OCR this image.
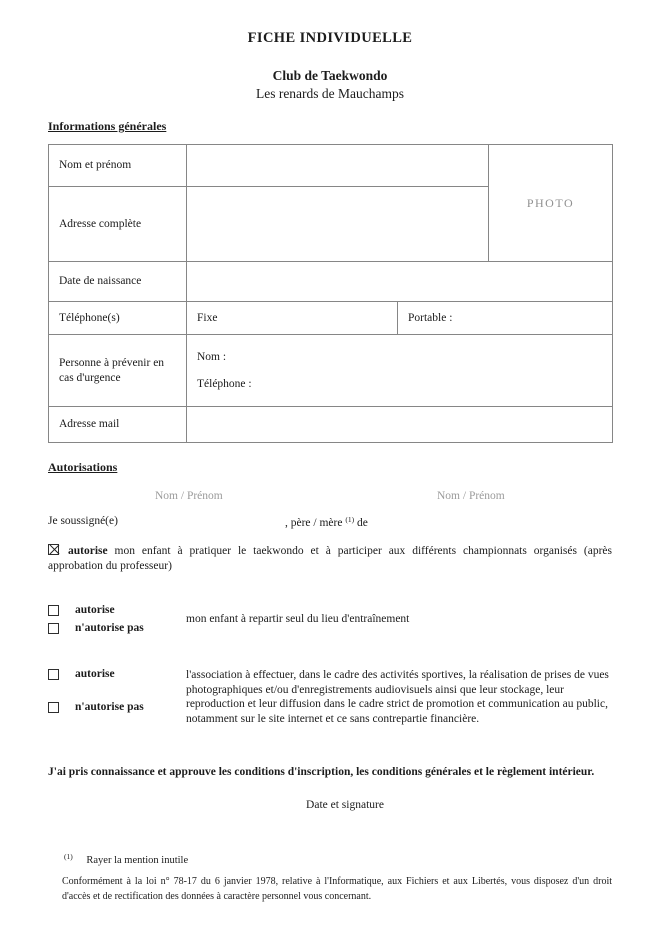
FICHE INDIVIDUELLE
Club de Taekwondo
Les renards de Mauchamps
Informations générales
Nom et prénom			PHOTO

Adresse complète			
Date de naissance			
Téléphone(s)	Fixe	Portable :	
Personne à prévenir en cas d'urgence	Nom :
Téléphone :		

Adresse mail			
Autorisations
Nom / Prénom	Nom / Prénom
Je soussigné(e)	, père / mère $^{(1)}$ de
autorise mon enfant à pratiquer le taekwondo et à participer aux différents championnats organisés (après approbation du professeur)
autorise
n'autorise pas
mon enfant à repartir seul du lieu d'entraînement
autorise
n'autorise pas
l'association à effectuer, dans le cadre des activités sportives, la réalisation de prises de vues photographiques et/ou d'enregistrements audiovisuels ainsi que leur stockage, leur reproduction et leur diffusion dans le cadre strict de promotion et communication au public, notamment sur le site internet et ce sans contrepartie financière.
J'ai pris connaissance et approuve les conditions d'inscription, les conditions générales et le règlement intérieur.
Date et signature
$^{(1)}$ Rayer la mention inutile
Conformément à la loi n° 78-17 du 6 janvier 1978, relative à l'Informatique, aux Fichiers et aux Libertés, vous disposez d'un droit d'accès et de rectification des données à caractère personnel vous concernant.
